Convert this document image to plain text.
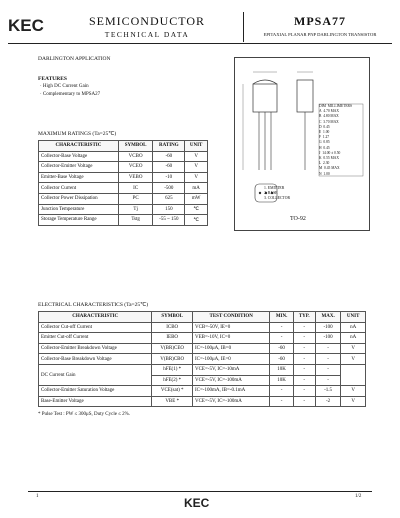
KEC	SEMICONDUCTOR
TECHNICAL DATA
MPSA77
EPITAXIAL PLANAR PNP DARLINGTON TRANSISTOR
DARLINGTON APPLICATION
FEATURES
· High DC Current Gain
· Complementary to MPSA27
DIM MILLIMETERS
A 4.70 MAX
B 4.80 MAX
C 3.70 MAX
D 0.45
E 1.00
F 1.27
G 0.85
H 0.45
J 14.00 ± 0.50
K 0.55 MAX
L 2.30
M 0.45 MAX
N 1.00
1. EMITTER
2. BASE
3. COLLECTOR
TO-92
MAXIMUM RATINGS (Ta=25℃)
CHARACTERISTIC	SYMBOL	RATING	UNIT
Collector-Base Voltage	VCBO	-60	V
Collector-Emitter Voltage	VCEO	-60	V
Emitter-Base Voltage	VEBO	-10	V
Collector Current	IC	-500	mA
Collector Power Dissipation	PC	625	mW
Junction Temperature	Tj	150	℃
Storage Temperature Range	Tstg	-55 ~ 150	℃
ELECTRICAL CHARACTERISTICS (Ta=25℃)
CHARACTERISTIC	SYMBOL	TEST CONDITION	MIN.	TYP.	MAX.	UNIT
Collector Cut-off Current	ICBO	VCB=-50V, IE=0	-	-	-100	nA
Emitter Cut-off Current	IEBO	VEB=-10V, IC=0	-	-	-100	nA
Collector-Emitter Breakdown Voltage	V(BR)CEO	IC=-100μA, IB=0	-60	-	-	V
Collector-Base Breakdown Voltage	V(BR)CBO	IC=-100μA, IE=0	-60	-	-	V
DC Current Gain	hFE(1) *	VCE=-5V, IC=-10mA	10K	-	-	
	hFE(2) *	VCE=-5V, IC=-100mA	10K	-	-	
Collector-Emitter Saturation Voltage	VCE(sat) *	IC=-100mA, IB=-0.1mA	-	-	-1.5	V
Base-Emitter Voltage	VBE *	VCE=-5V, IC=-100mA	-	-	-2	V
* Pulse Test : PW ≤ 300μS, Duty Cycle ≤ 2%.
1	KEC	1/2
